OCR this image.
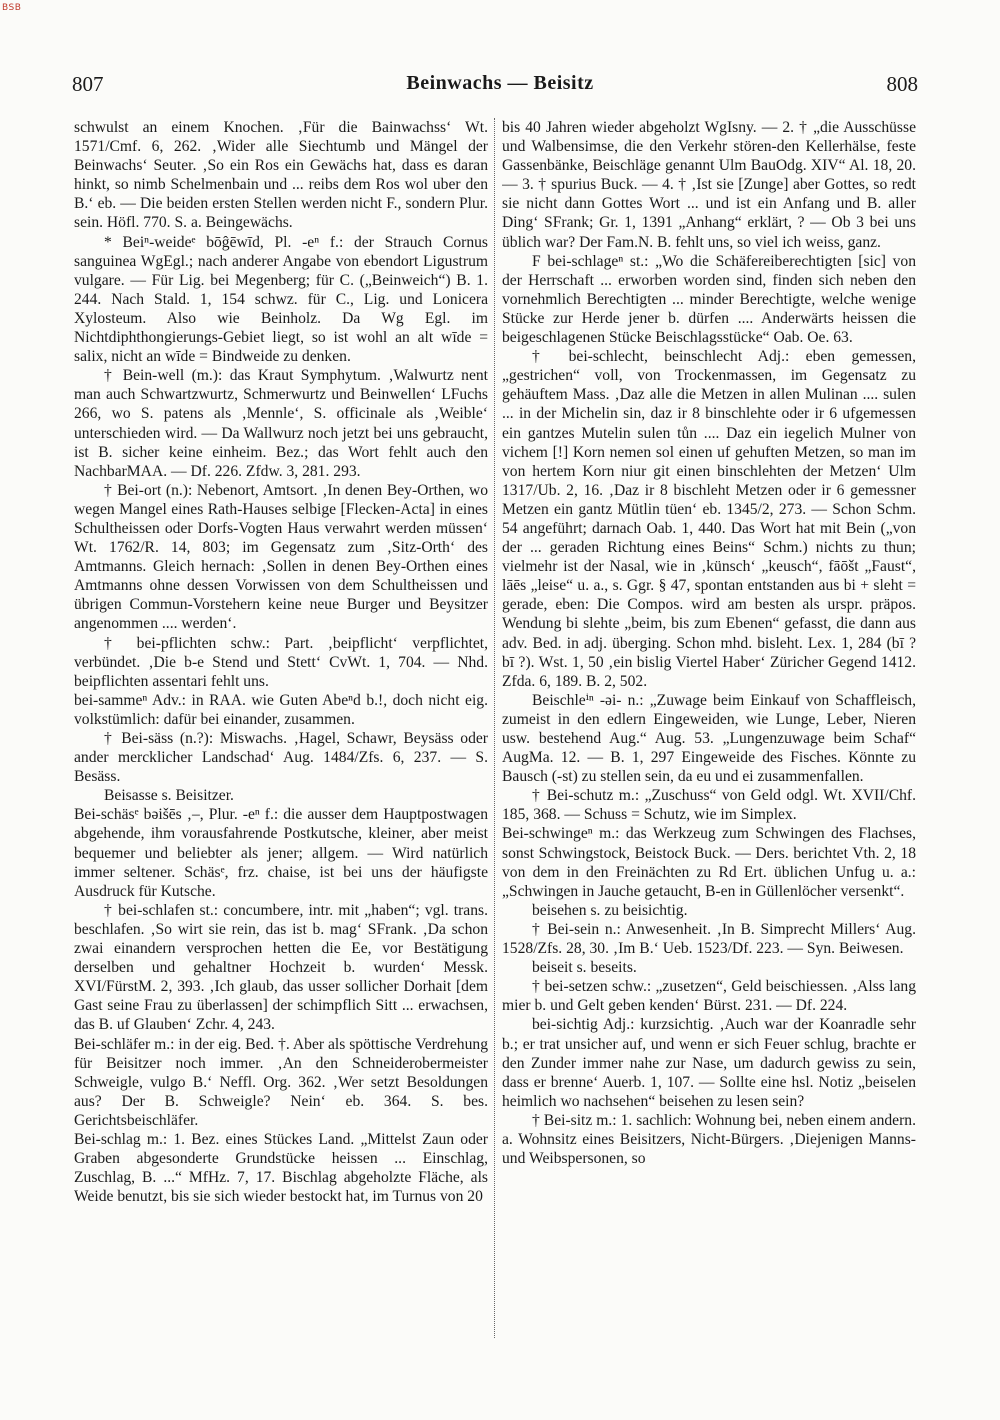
BSB
807	Beinwachs — Beisitz	808

schwulst an einem Knochen. ‚Für die Bainwachss‘ Wt. 1571/Cmf. 6, 262. ‚Wider alle Siechtumb und Mängel der Beinwachs‘ Seuter. ‚So ein Ros ein Gewächs hat, dass es daran hinkt, so nimb Schelmenbain und ... reibs dem Ros wol uber den B.‘ eb. — Die beiden ersten Stellen werden nicht F., sondern Plur. sein. Höfl. 770. S. a. Beingewächs.

* Beiⁿ-weideᵉ bōĝēwīd, Pl. -eⁿ f.: der Strauch Cornus sanguinea WgEgl.; nach anderer Angabe von ebendort Ligustrum vulgare. — Für Lig. bei Megenberg; für C. („Beinweich“) B. 1. 244. Nach Stald. 1, 154 schwz. für C., Lig. und Lonicera Xylosteum. Also wie Beinholz. Da Wg Egl. im Nichtdiphthongierungs-Gebiet liegt, so ist wohl an alt wīde = salix, nicht an wīde = Bindweide zu denken.

† Bein-well (m.): das Kraut Symphytum. ‚Walwurtz nent man auch Schwartzwurtz, Schmerwurtz und Beinwellen‘ LFuchs 266, wo S. patens als ‚Mennle‘, S. officinale als ‚Weible‘ unterschieden wird. — Da Wallwurz noch jetzt bei uns gebraucht, ist B. sicher keine einheim. Bez.; das Wort fehlt auch den NachbarMAA. — Df. 226. Zfdw. 3, 281. 293.

† Bei-ort (n.): Nebenort, Amtsort. ‚In denen Bey-Orthen, wo wegen Mangel eines Rath-Hauses selbige [Flecken-Acta] in eines Schultheissen oder Dorfs-Vogten Haus verwahrt werden müssen‘ Wt. 1762/R. 14, 803; im Gegensatz zum ‚Sitz-Orth‘ des Amtmanns. Gleich hernach: ‚Sollen in denen Bey-Orthen eines Amtmanns ohne dessen Vorwissen von dem Schultheissen und übrigen Commun-Vorstehern keine neue Burger und Beysitzer angenommen .... werden‘.

† bei-pflichten schw.: Part. ‚beipflicht‘ verpflichtet, verbündet. ‚Die b-e Stend und Stett‘ CvWt. 1, 704. — Nhd. beipflichten assentari fehlt uns.

bei-sammeⁿ Adv.: in RAA. wie Guten Abeⁿd b.!, doch nicht eig. volkstümlich: dafür bei einander, zusammen.

† Bei-säss (n.?): Miswachs. ‚Hagel, Schawr, Beysäss oder ander mercklicher Landschad‘ Aug. 1484/Zfs. 6, 237. — S. Besäss.

Beisasse s. Beisitzer.

Bei-schäsᵉ bəišēs ‚–, Plur. -eⁿ f.: die ausser dem Hauptpostwagen abgehende, ihm vorausfahrende Postkutsche, kleiner, aber meist bequemer und beliebter als jener; allgem. — Wird natürlich immer seltener. Schäsᵉ, frz. chaise, ist bei uns der häufigste Ausdruck für Kutsche.

† bei-schlafen st.: concumbere, intr. mit „haben“; vgl. trans. beschlafen. ‚So wirt sie rein, das ist b. mag‘ SFrank. ‚Da schon zwai einandern versprochen hetten die Ee, vor Bestätigung derselben und gehaltner Hochzeit b. wurden‘ Messk. XVI/FürstM. 2, 393. ‚Ich glaub, das usser sollicher Dorhait [dem Gast seine Frau zu überlassen] der schimpflich Sitt ... erwachsen, das B. uf Glauben‘ Zchr. 4, 243.

Bei-schläfer m.: in der eig. Bed. †. Aber als spöttische Verdrehung für Beisitzer noch immer. ‚An den Schneiderobermeister Schweigle, vulgo B.‘ Neffl. Org. 362. ‚Wer setzt Besoldungen aus? Der B. Schweigle? Nein‘ eb. 364. S. bes. Gerichtsbeischläfer.

Bei-schlag m.: 1. Bez. eines Stückes Land. „Mittelst Zaun oder Graben abgesonderte Grundstücke heissen ... Einschlag, Zuschlag, B. ...“ MfHz. 7, 17. Bischlag abgeholzte Fläche, als Weide benutzt, bis sie sich wieder bestockt hat, im Turnus von 20

bis 40 Jahren wieder abgeholzt WgIsny. — 2. † „die Ausschüsse und Walbensimse, die den Verkehr stören-den Kellerhälse, feste Gassenbänke, Beischläge genannt Ulm BauOdg. XIV“ Al. 18, 20. — 3. † spurius Buck. — 4. † ‚Ist sie [Zunge] aber Gottes, so redt sie nicht dann Gottes Wort ... und ist ein Anfang und B. aller Ding‘ SFrank; Gr. 1, 1391 „Anhang“ erklärt, ? — Ob 3 bei uns üblich war? Der Fam.N. B. fehlt uns, so viel ich weiss, ganz.

F bei-schlageⁿ st.: „Wo die Schäfereiberechtigten [sic] von der Herrschaft ... erworben worden sind, finden sich neben den vornehmlich Berechtigten ... minder Berechtigte, welche wenige Stücke zur Herde jener b. dürfen .... Anderwärts heissen die beigeschlagenen Stücke Beischlagsstücke“ Oab. Oe. 63.

† bei-schlecht, beinschlecht Adj.: eben gemessen, „gestrichen“ voll, von Trockenmassen, im Gegensatz zu gehäuftem Mass. ‚Daz alle die Metzen in allen Mulinan .... sulen ... in der Michelin sin, daz ir 8 binschlehte oder ir 6 ufgemessen ein gantzes Mutelin sulen tůn .... Daz ein iegelich Mulner von vichem [!] Korn nemen sol einen uf gehuften Metzen, so man im von hertem Korn niur git einen binschlehten der Metzen‘ Ulm 1317/Ub. 2, 16. ‚Daz ir 8 bischleht Metzen oder ir 6 gemessner Metzen ein gantz Mütlin tüen‘ eb. 1345/2, 273. — Schon Schm. 54 angeführt; darnach Oab. 1, 440. Das Wort hat mit Bein („von der ... geraden Richtung eines Beins“ Schm.) nichts zu thun; vielmehr ist der Nasal, wie in ‚künsch‘ „keusch“, fāōšt „Faust“, lāēs „leise“ u. a., s. Ggr. § 47, spontan entstanden aus bi + sleht = gerade, eben: Die Compos. wird am besten als urspr. präpos. Wendung bi slehte „beim, bis zum Ebenen“ gefasst, die dann aus adv. Bed. in adj. überging. Schon mhd. bisleht. Lex. 1, 284 (bī ? bī ?). Wst. 1, 50 ‚ein bislig Viertel Haber‘ Züricher Gegend 1412. Zfda. 6, 189. B. 2, 502.

Beischleⁱⁿ -əi- n.: „Zuwage beim Einkauf von Schaffleisch, zumeist in den edlern Eingeweiden, wie Lunge, Leber, Nieren usw. bestehend Aug.“ Aug. 53. „Lungenzuwage beim Schaf“ AugMa. 12. — B. 1, 297 Eingeweide des Fisches. Könnte zu Bausch (-st) zu stellen sein, da eu und ei zusammenfallen.

† Bei-schutz m.: „Zuschuss“ von Geld odgl. Wt. XVII/Chf. 185, 368. — Schuss = Schutz, wie im Simplex.

Bei-schwingeⁿ m.: das Werkzeug zum Schwingen des Flachses, sonst Schwingstock, Beistock Buck. — Ders. berichtet Vth. 2, 18 von dem in den Freinächten zu Rd Ert. üblichen Unfug u. a.: „Schwingen in Jauche getaucht, B-en in Güllenlöcher versenkt“.

beisehen s. zu beisichtig.

† Bei-sein n.: Anwesenheit. ‚In B. Simprecht Millers‘ Aug. 1528/Zfs. 28, 30. ‚Im B.‘ Ueb. 1523/Df. 223. — Syn. Beiwesen.

beiseit s. beseits.

† bei-setzen schw.: „zusetzen“, Geld beischiessen. ‚Alss lang mier b. und Gelt geben kenden‘ Bürst. 231. — Df. 224.

bei-sichtig Adj.: kurzsichtig. ‚Auch war der Koanradle sehr b.; er trat unsicher auf, und wenn er sich Feuer schlug, brachte er den Zunder immer nahe zur Nase, um dadurch gewiss zu sein, dass er brenne‘ Auerb. 1, 107. — Sollte eine hsl. Notiz „beiselen heimlich wo nachsehen“ beisehen zu lesen sein?

† Bei-sitz m.: 1. sachlich: Wohnung bei, neben einem andern. a. Wohnsitz eines Beisitzers, Nicht-Bürgers. ‚Diejenigen Manns- und Weibspersonen, so
